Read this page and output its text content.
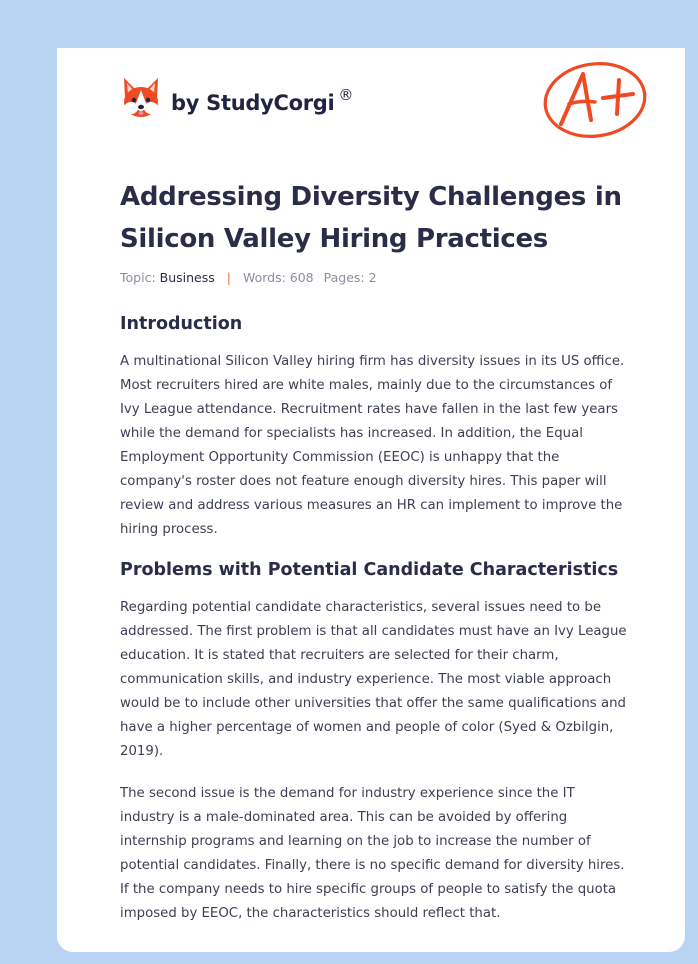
by StudyCorgi ®
Addressing Diversity Challenges in Silicon Valley Hiring Practices
Topic: Business | Words: 608 Pages: 2
Introduction

A multinational Silicon Valley hiring firm has diversity issues in its US office. Most recruiters hired are white males, mainly due to the circumstances of Ivy League attendance. Recruitment rates have fallen in the last few years while the demand for specialists has increased. In addition, the Equal Employment Opportunity Commission (EEOC) is unhappy that the company's roster does not feature enough diversity hires. This paper will review and address various measures an HR can implement to improve the hiring process.

Problems with Potential Candidate Characteristics

Regarding potential candidate characteristics, several issues need to be addressed. The first problem is that all candidates must have an Ivy League education. It is stated that recruiters are selected for their charm, communication skills, and industry experience. The most viable approach would be to include other universities that offer the same qualifications and have a higher percentage of women and people of color (Syed & Ozbilgin, 2019).

The second issue is the demand for industry experience since the IT industry is a male-dominated area. This can be avoided by offering internship programs and learning on the job to increase the number of potential candidates. Finally, there is no specific demand for diversity hires. If the company needs to hire specific groups of people to satisfy the quota imposed by EEOC, the characteristics should reflect that.
